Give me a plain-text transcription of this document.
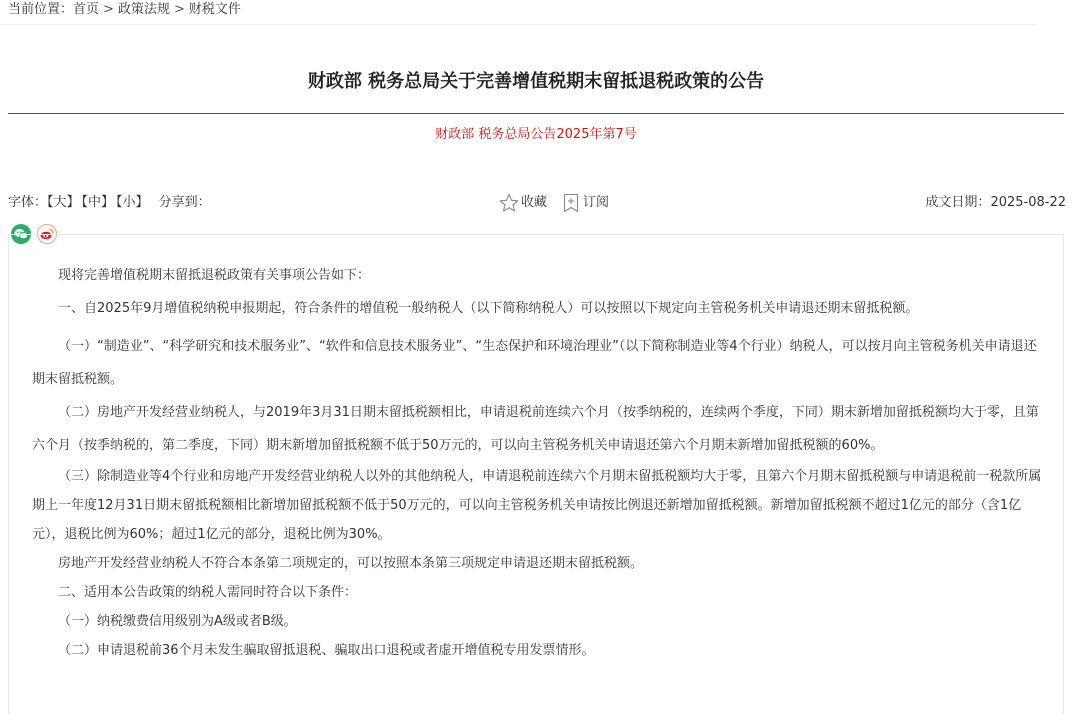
当前位置：首页 > 政策法规 > 财税文件
财政部 税务总局关于完善增值税期末留抵退税政策的公告
财政部 税务总局公告2025年第7号
字体：【大】 【中】 【小】 分享到：	收藏	订阅	成文日期：2025-08-22

现将完善增值税期末留抵退税政策有关事项公告如下：

一、自2025年9月增值税纳税申报期起，符合条件的增值税一般纳税人（以下简称纳税人）可以按照以下规定向主管税务机关申请退还期末留抵税额。

（一）“制造业”、“科学研究和技术服务业”、“软件和信息技术服务业”、“生态保护和环境治理业”（以下简称制造业等4个行业）纳税人，可以按月向主管税务机关申请退还期末留抵税额。

（二）房地产开发经营业纳税人，与2019年3月31日期末留抵税额相比，申请退税前连续六个月（按季纳税的，连续两个季度，下同）期末新增加留抵税额均大于零，且第六个月（按季纳税的，第二季度，下同）期末新增加留抵税额不低于50万元的，可以向主管税务机关申请退还第六个月期末新增加留抵税额的60%。

（三）除制造业等4个行业和房地产开发经营业纳税人以外的其他纳税人，申请退税前连续六个月期末留抵税额均大于零，且第六个月期末留抵税额与申请退税前一税款所属期上一年度12月31日期末留抵税额相比新增加留抵税额不低于50万元的，可以向主管税务机关申请按比例退还新增加留抵税额。新增加留抵税额不超过1亿元的部分（含1亿元），退税比例为60%；超过1亿元的部分，退税比例为30%。

房地产开发经营业纳税人不符合本条第二项规定的，可以按照本条第三项规定申请退还期末留抵税额。

二、适用本公告政策的纳税人需同时符合以下条件：

（一）纳税缴费信用级别为A级或者B级。

（二）申请退税前36个月未发生骗取留抵退税、骗取出口退税或者虚开增值税专用发票情形。
